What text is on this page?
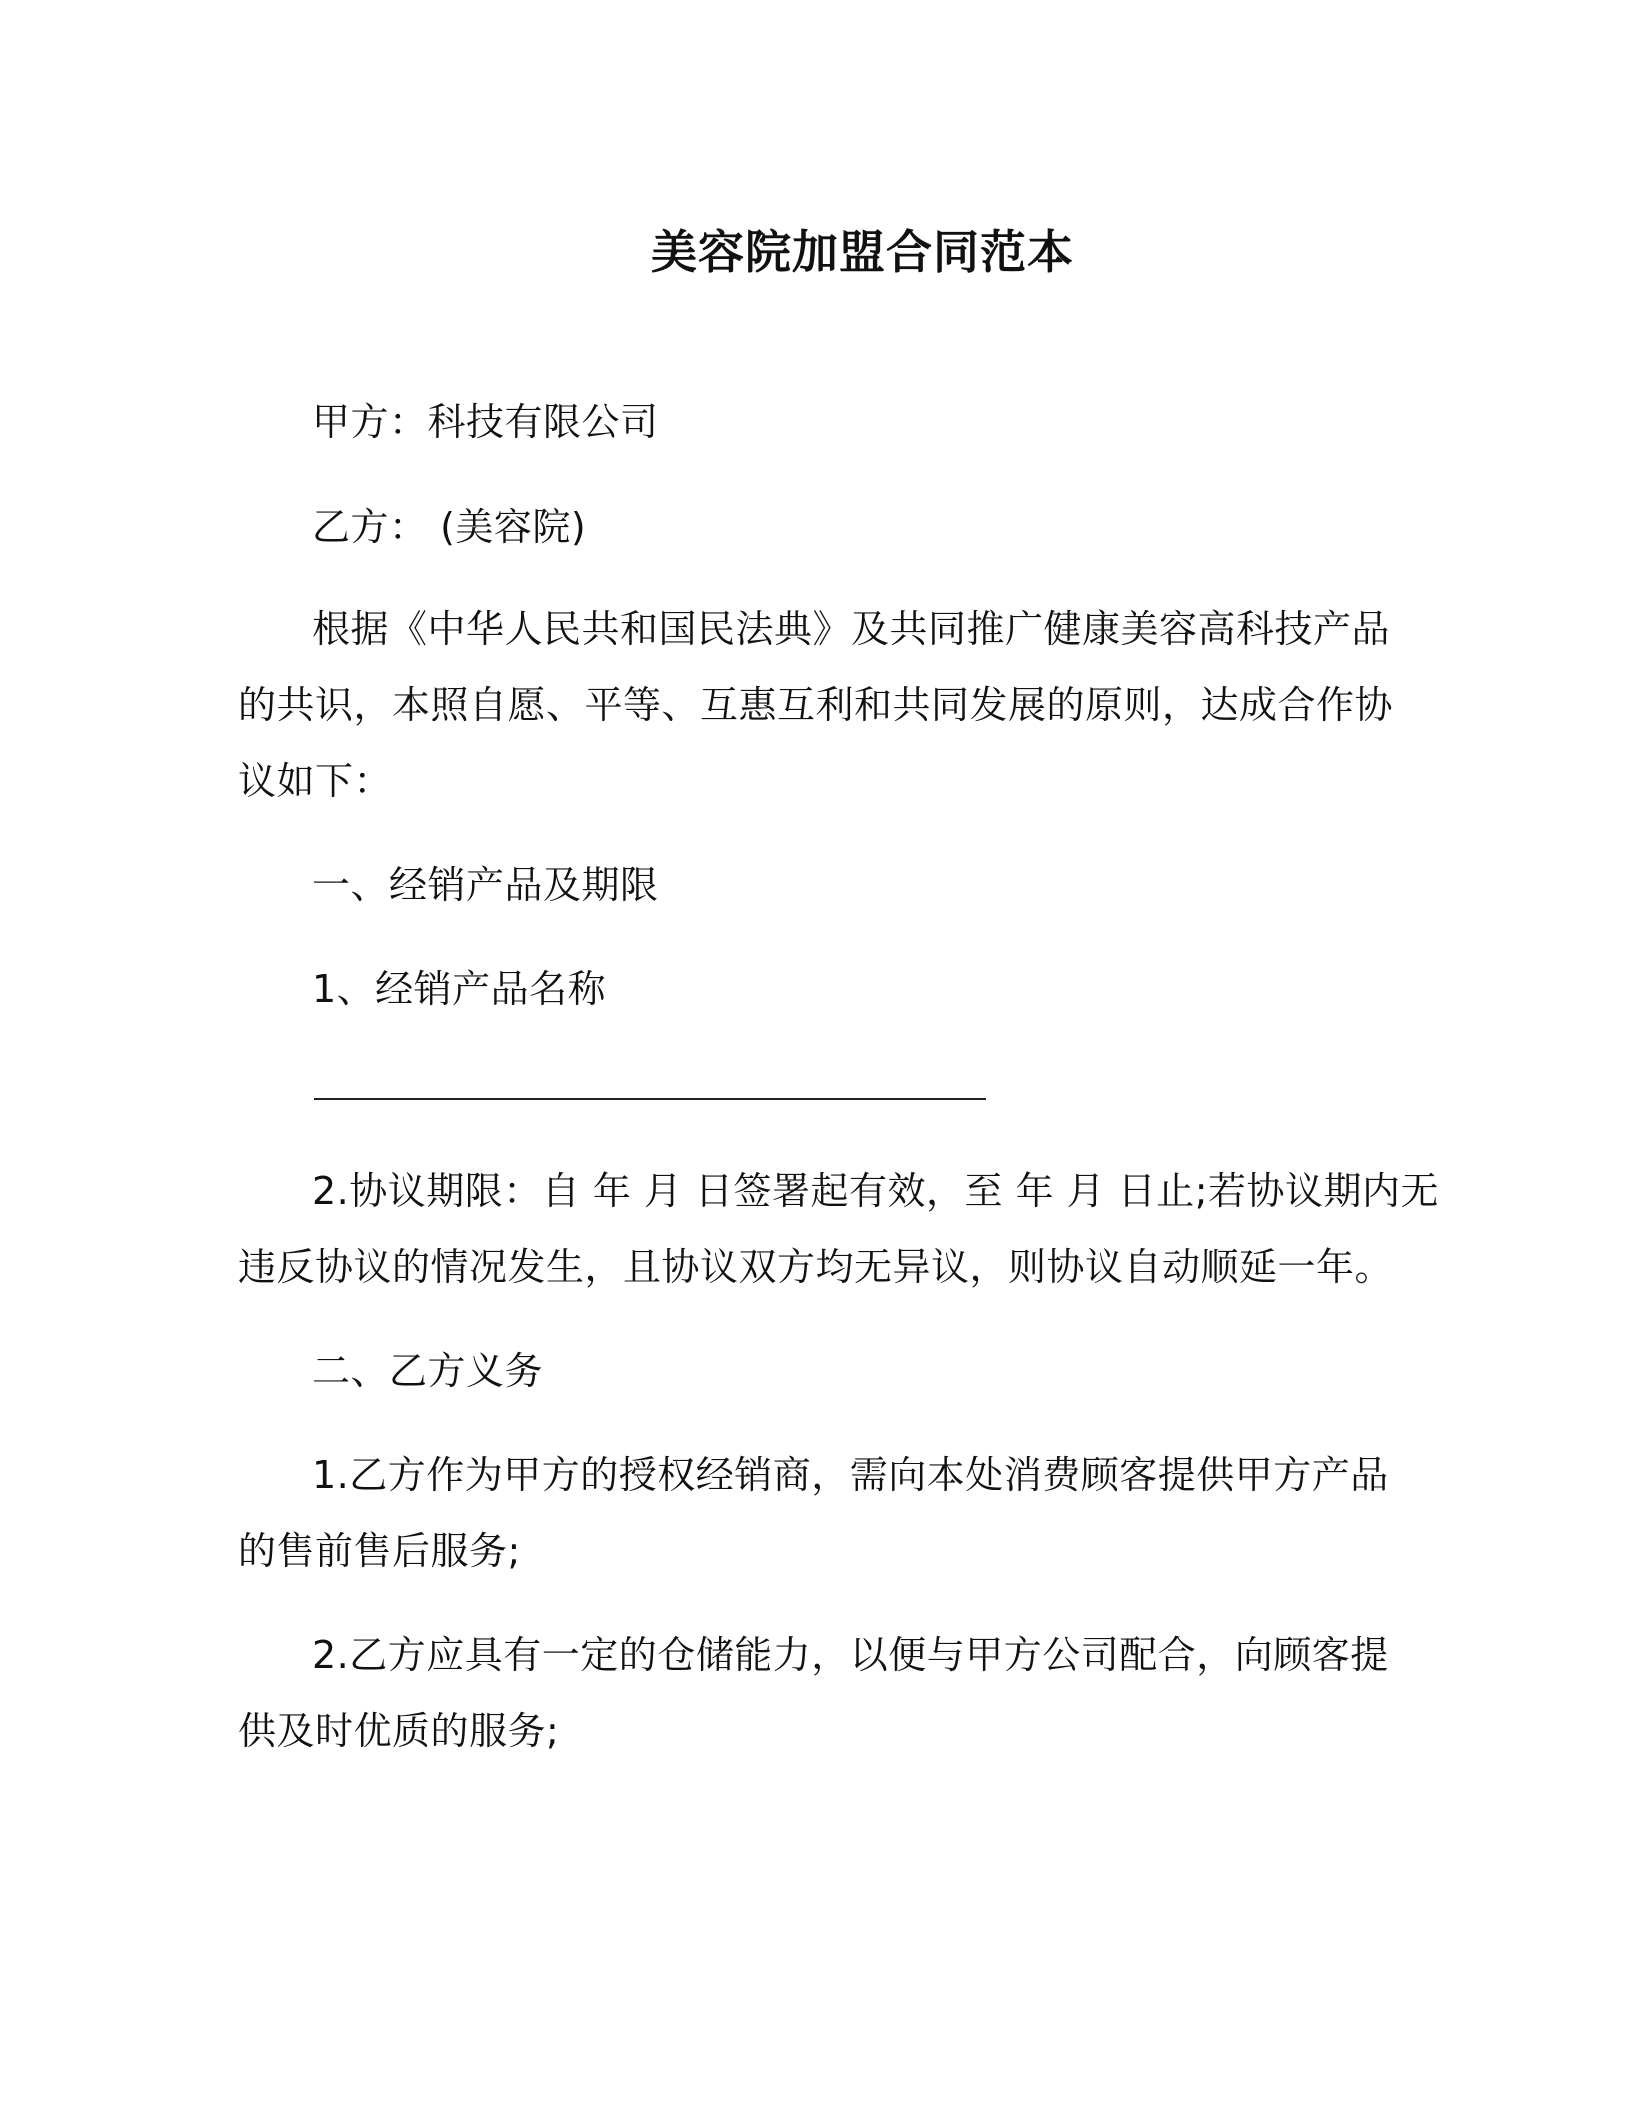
美容院加盟合同范本
甲方：科技有限公司
乙方： (美容院)
根据《中华人民共和国民法典》及共同推广健康美容高科技产品
的共识，本照自愿、平等、互惠互利和共同发展的原则，达成合作协
议如下：
一、经销产品及期限
1、经销产品名称
2.协议期限：自 年 月 日签署起有效，至 年 月 日止;若协议期内无
违反协议的情况发生，且协议双方均无异议，则协议自动顺延一年。
二、乙方义务
1.乙方作为甲方的授权经销商，需向本处消费顾客提供甲方产品
的售前售后服务;
2.乙方应具有一定的仓储能力，以便与甲方公司配合，向顾客提
供及时优质的服务;
